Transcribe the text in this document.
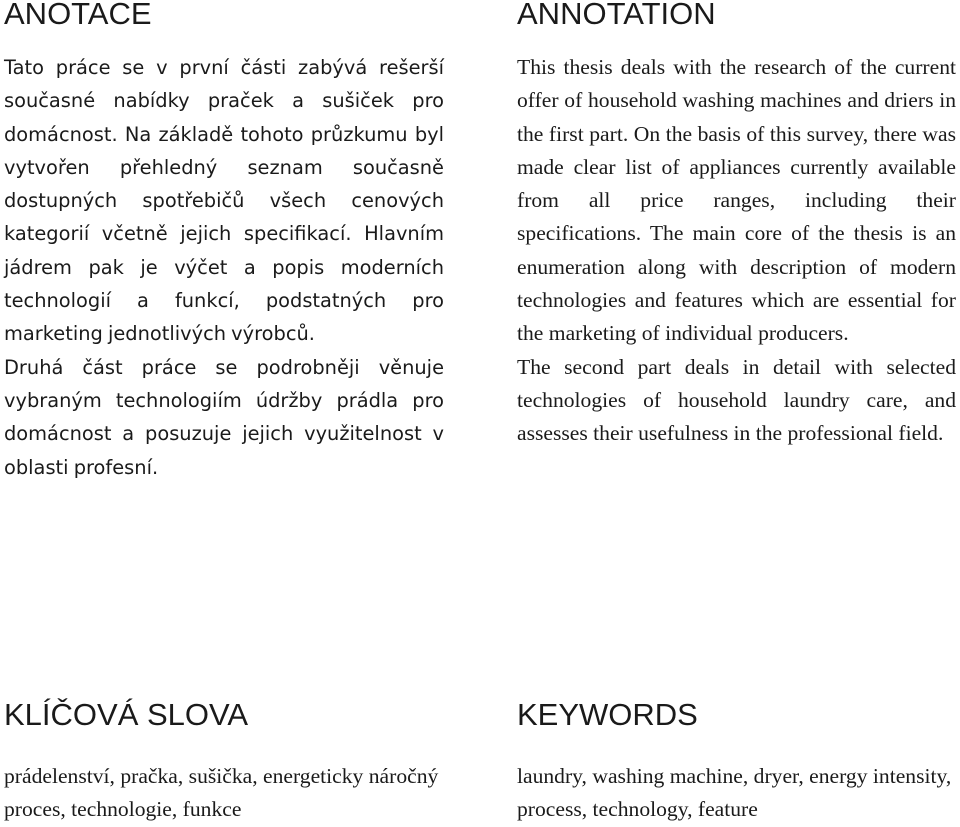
ANOTACE	ANNOTATION

Tato práce se v první části zabývá rešerší současné nabídky praček a sušiček pro domácnost. Na základě tohoto průzkumu byl vytvořen přehledný seznam současně dostupných spotřebičů všech cenových kategorií včetně jejich specifikací. Hlavním jádrem pak je výčet a popis moderních technologií a funkcí, podstatných pro marketing jednotlivých výrobců.

Druhá část práce se podrobněji věnuje vybraným technologiím údržby prádla pro domácnost a posuzuje jejich využitelnost v oblasti profesní.

This thesis deals with the research of the current offer of household washing machines and driers in the first part. On the basis of this survey, there was made clear list of appliances currently available from all price ranges, including their specifications. The main core of the thesis is an enumeration along with description of modern technologies and features which are essential for the marketing of individual producers.

The second part deals in detail with selected technologies of household laundry care, and assesses their usefulness in the professional field.

KLÍČOVÁ SLOVA	KEYWORDS

prádelenství, pračka, sušička, energeticky náročný proces, technologie, funkce

laundry, washing machine, dryer, energy intensity, process, technology, feature
